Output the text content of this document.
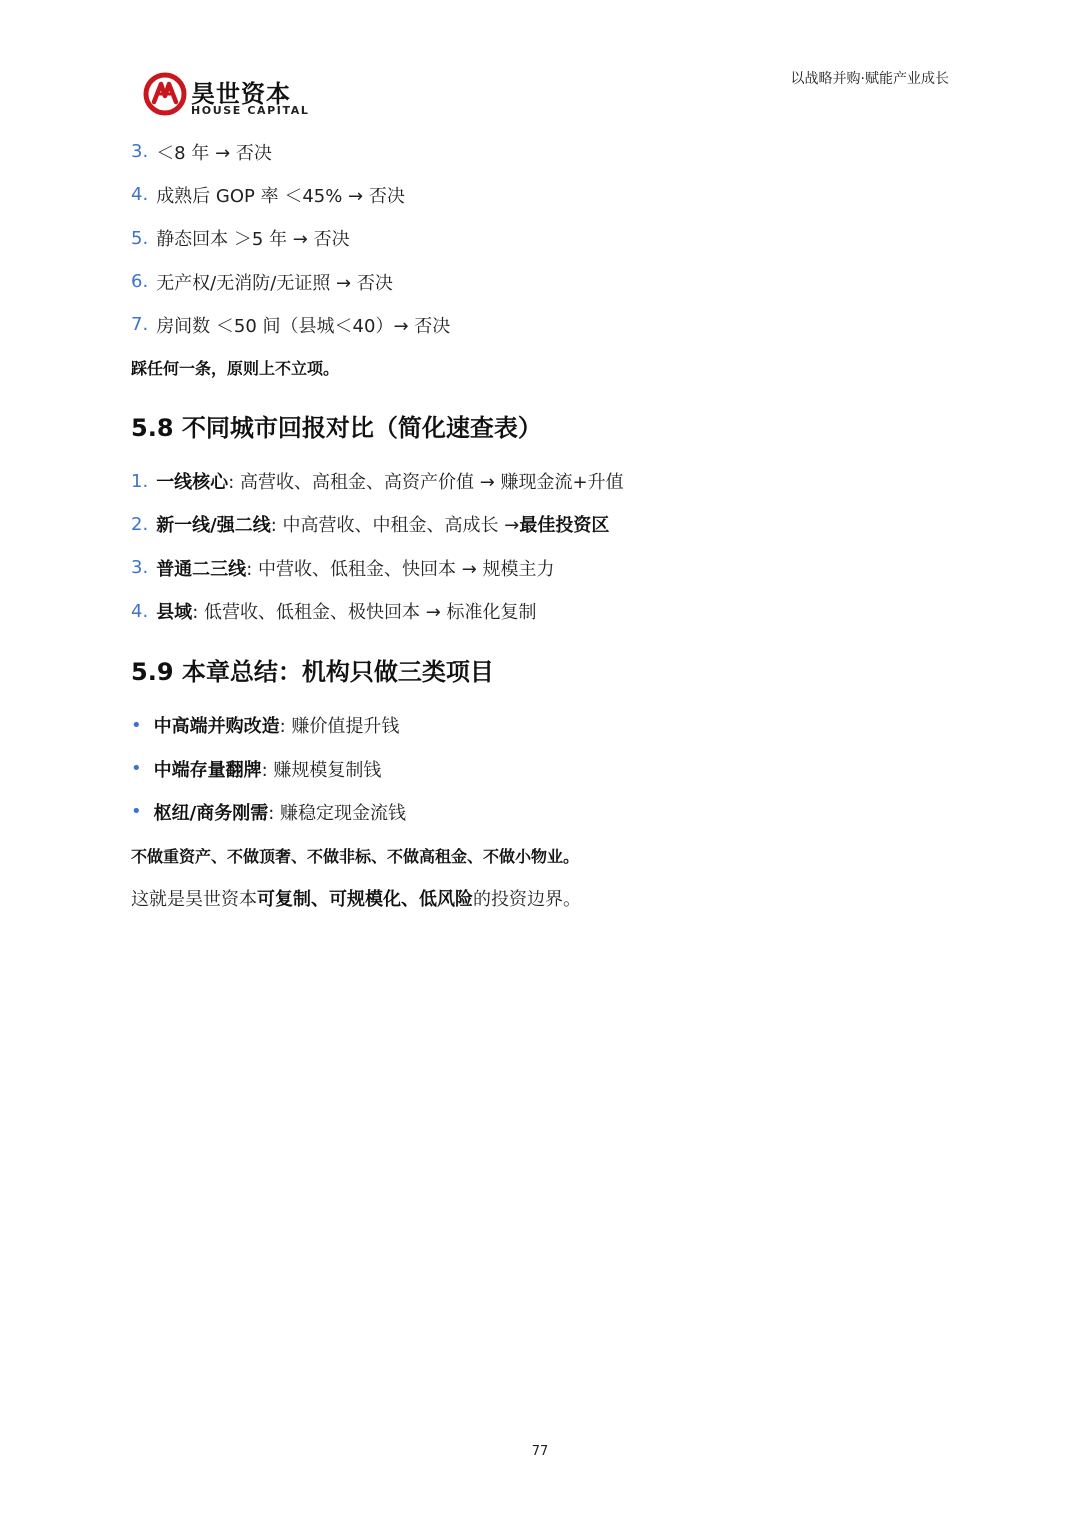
昊世资本
HOUSE CAPITAL
以战略并购·赋能产业成长
3. ＜8 年 → 否决
4. 成熟后 GOP 率 ＜45% → 否决
5. 静态回本 ＞5 年 → 否决
6. 无产权/无消防/无证照 → 否决
7. 房间数 ＜50 间（县城＜40）→ 否决
踩任何一条，原则上不立项。
5.8 不同城市回报对比（简化速查表）
1. 一线核心 : 高营收、高租金、高资产价值 → 赚现金流+升值
2. 新一线/强二线 : 中高营收、中租金、高成长 → 最佳投资区
3. 普通二三线 : 中营收、低租金、快回本 → 规模主力
4. 县域 : 低营收、低租金、极快回本 → 标准化复制
5.9 本章总结：机构只做三类项目
• 中高端并购改造 : 赚价值提升钱
• 中端存量翻牌 : 赚规模复制钱
• 枢纽/商务刚需 : 赚稳定现金流钱
不做重资产、不做顶奢、不做非标、不做高租金、不做小物业。
这就是昊世资本 可复制、可规模化、低风险 的投资边界。
77
